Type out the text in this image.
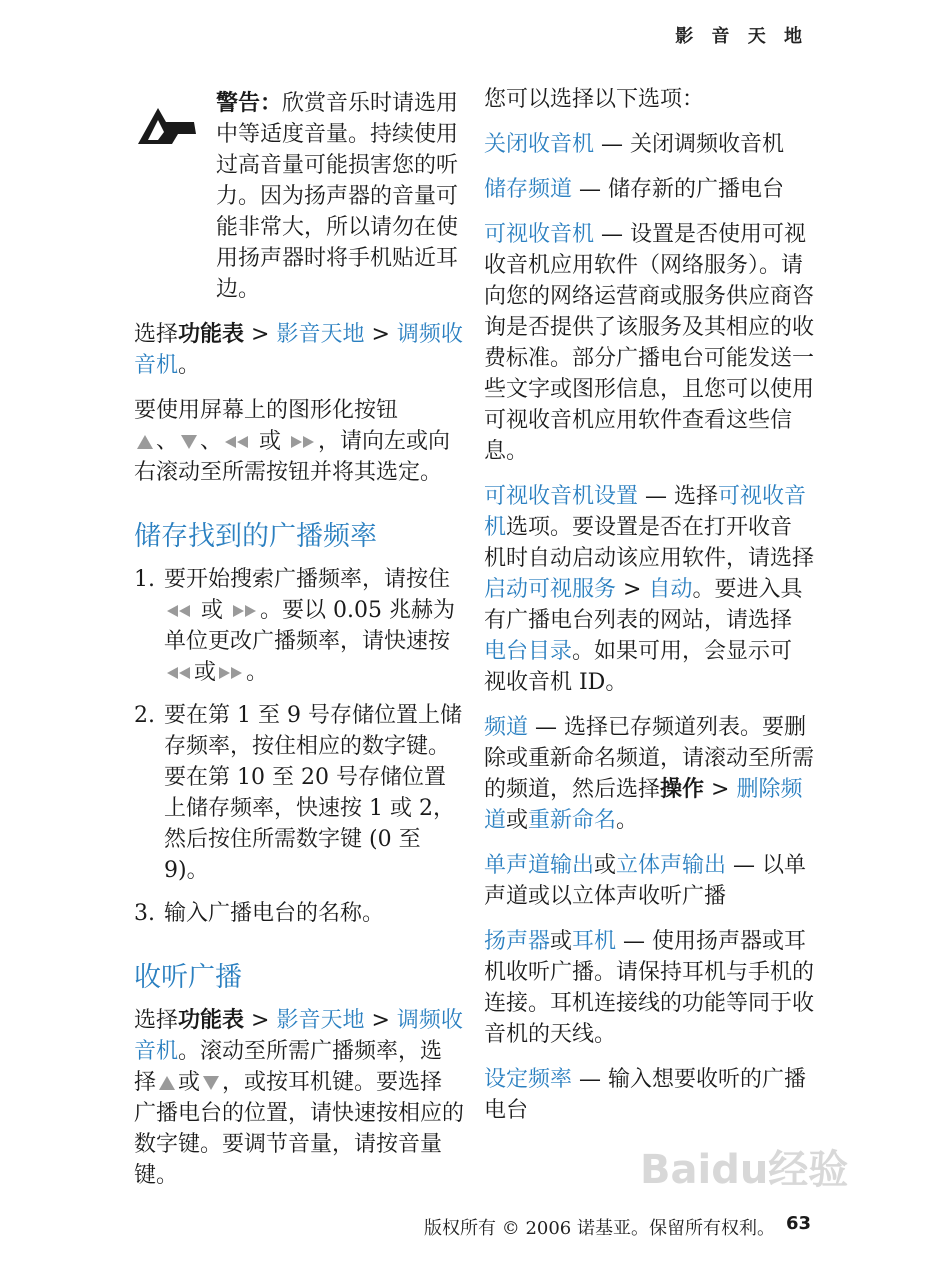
影 音 天 地
警告：欣赏音乐时请选用中等适度音量。持续使用过高音量可能损害您的听力。因为扬声器的音量可能非常大，所以请勿在使用扬声器时将手机贴近耳边。

选择功能表 > 影音天地 > 调频收音机。

要使用屏幕上的图形化按钮
、 、 或 ，请向左或向右滚动至所需按钮并将其选定。

储存找到的广播频率
1. 要开始搜索广播频率，请按住 或 。要以 0.05 兆赫为单位更改广播频率，请快速按或 。
2. 要在第 1 至 9 号存储位置上储存频率，按住相应的数字键。要在第 10 至 20 号存储位置上储存频率，快速按 1 或 2，然后按住所需数字键 (0 至 9)。
3. 输入广播电台的名称。
收听广播

选择功能表 > 影音天地 > 调频收音机。滚动至所需广播频率，选择 或 ，或按耳机键。要选择广播电台的位置，请快速按相应的数字键。要调节音量，请按音量键。

您可以选择以下选项：

关闭收音机 — 关闭调频收音机

储存频道 — 储存新的广播电台

可视收音机 — 设置是否使用可视收音机应用软件（网络服务）。请向您的网络运营商或服务供应商咨询是否提供了该服务及其相应的收费标准。部分广播电台可能发送一些文字或图形信息，且您可以使用可视收音机应用软件查看这些信息。

可视收音机设置 — 选择可视收音机选项。要设置是否在打开收音机时自动启动该应用软件，请选择启动可视服务 > 自动。要进入具有广播电台列表的网站，请选择电台目录。如果可用，会显示可视收音机 ID。

频道 — 选择已存频道列表。要删除或重新命名频道，请滚动至所需的频道，然后选择操作 > 删除频道或重新命名。

单声道输出或立体声输出 — 以单声道或以立体声收听广播

扬声器或耳机 — 使用扬声器或耳机收听广播。请保持耳机与手机的连接。耳机连接线的功能等同于收音机的天线。

设定频率 — 输入想要收听的广播电台

Baidu经验
版权所有 © 2006 诺基亚。保留所有权利。 63
